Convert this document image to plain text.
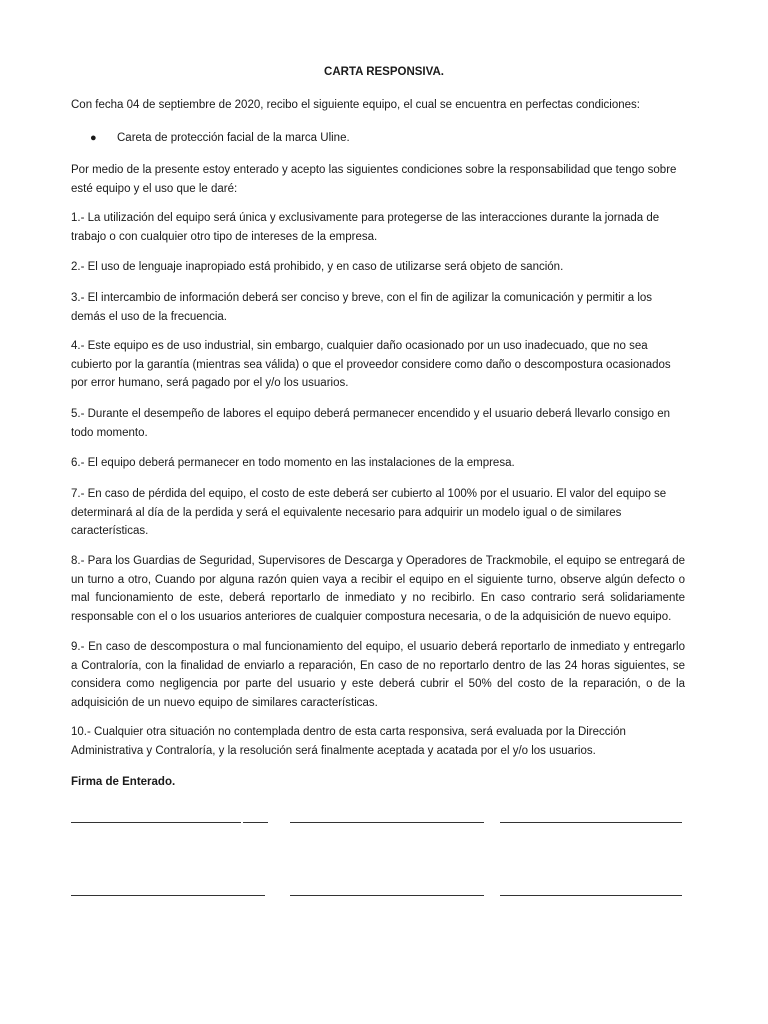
CARTA RESPONSIVA.

Con fecha 04 de septiembre de 2020, recibo el siguiente equipo, el cual se encuentra en perfectas condiciones:

● Careta de protección facial de la marca Uline.

Por medio de la presente estoy enterado y acepto las siguientes condiciones sobre la responsabilidad que tengo sobre esté equipo y el uso que le daré:

1.- La utilización del equipo será única y exclusivamente para protegerse de las interacciones durante la jornada de trabajo o con cualquier otro tipo de intereses de la empresa.

2.- El uso de lenguaje inapropiado está prohibido, y en caso de utilizarse será objeto de sanción.

3.- El intercambio de información deberá ser conciso y breve, con el fin de agilizar la comunicación y permitir a los demás el uso de la frecuencia.

4.- Este equipo es de uso industrial, sin embargo, cualquier daño ocasionado por un uso inadecuado, que no sea cubierto por la garantía (mientras sea válida) o que el proveedor considere como daño o descompostura ocasionados por error humano, será pagado por el y/o los usuarios.

5.- Durante el desempeño de labores el equipo deberá permanecer encendido y el usuario deberá llevarlo consigo en todo momento.

6.- El equipo deberá permanecer en todo momento en las instalaciones de la empresa.

7.- En caso de pérdida del equipo, el costo de este deberá ser cubierto al 100% por el usuario. El valor del equipo se determinará al día de la perdida y será el equivalente necesario para adquirir un modelo igual o de similares características.

8.- Para los Guardias de Seguridad, Supervisores de Descarga y Operadores de Trackmobile, el equipo se entregará de un turno a otro, Cuando por alguna razón quien vaya a recibir el equipo en el siguiente turno, observe algún defecto o mal funcionamiento de este, deberá reportarlo de inmediato y no recibirlo. En caso contrario será solidariamente responsable con el o los usuarios anteriores de cualquier compostura necesaria, o de la adquisición de nuevo equipo.

9.- En caso de descompostura o mal funcionamiento del equipo, el usuario deberá reportarlo de inmediato y entregarlo a Contraloría, con la finalidad de enviarlo a reparación, En caso de no reportarlo dentro de las 24 horas siguientes, se considera como negligencia por parte del usuario y este deberá cubrir el 50% del costo de la reparación, o de la adquisición de un nuevo equipo de similares características.

10.- Cualquier otra situación no contemplada dentro de esta carta responsiva, será evaluada por la Dirección Administrativa y Contraloría, y la resolución será finalmente aceptada y acatada por el y/o los usuarios.

Firma de Enterado.
